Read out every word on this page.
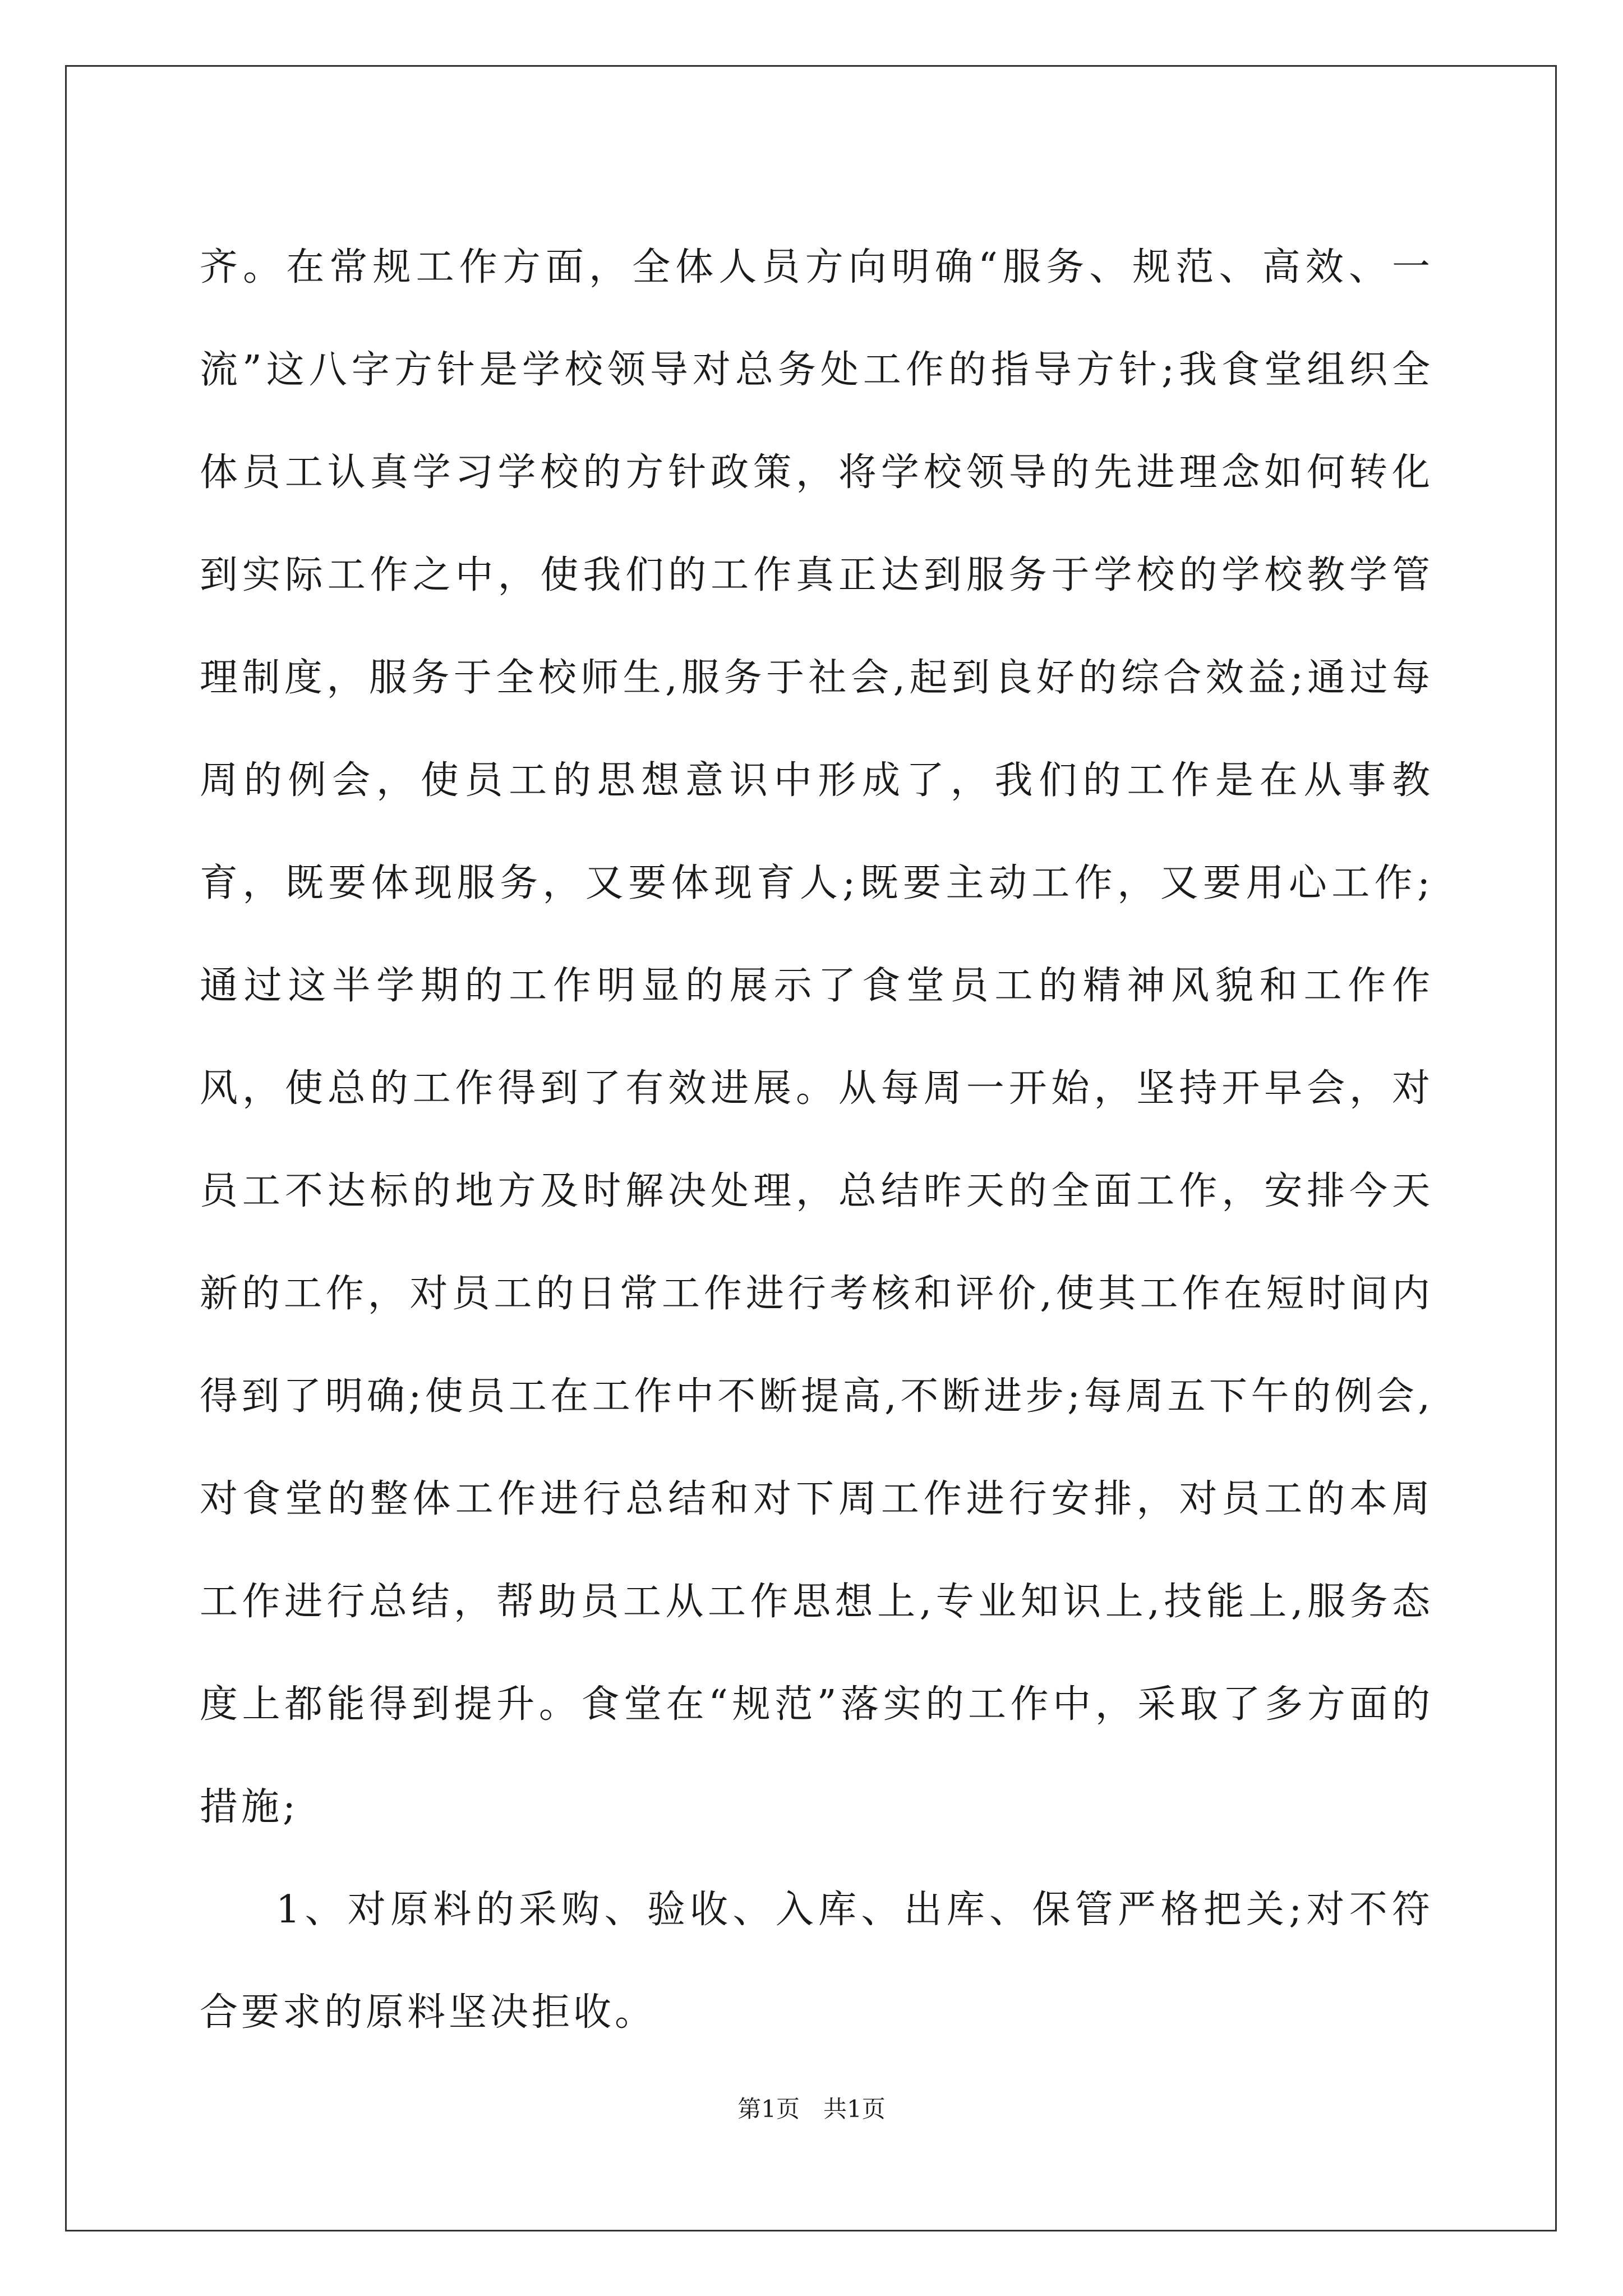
齐。在常规工作方面，全体人员方向明确“服务、规范、高效、一流”这八字方针是学校领导对总务处工作的指导方针;我食堂组织全体员工认真学习学校的方针政策，将学校领导的先进理念如何转化到实际工作之中，使我们的工作真正达到服务于学校的学校教学管理制度，服务于全校师生,服务于社会,起到良好的综合效益;通过每周的例会，使员工的思想意识中形成了，我们的工作是在从事教育，既要体现服务，又要体现育人;既要主动工作，又要用心工作;通过这半学期的工作明显的展示了食堂员工的精神风貌和工作作风，使总的工作得到了有效进展。从每周一开始，坚持开早会，对员工不达标的地方及时解决处理，总结昨天的全面工作，安排今天新的工作，对员工的日常工作进行考核和评价,使其工作在短时间内得到了明确;使员工在工作中不断提高,不断进步;每周五下午的例会,对食堂的整体工作进行总结和对下周工作进行安排，对员工的本周工作进行总结，帮助员工从工作思想上,专业知识上,技能上,服务态度上都能得到提升。食堂在“规范”落实的工作中，采取了多方面的措施;

1、对原料的采购、验收、入库、出库、保管严格把关;对不符合要求的原料坚决拒收。

第1页　共1页
